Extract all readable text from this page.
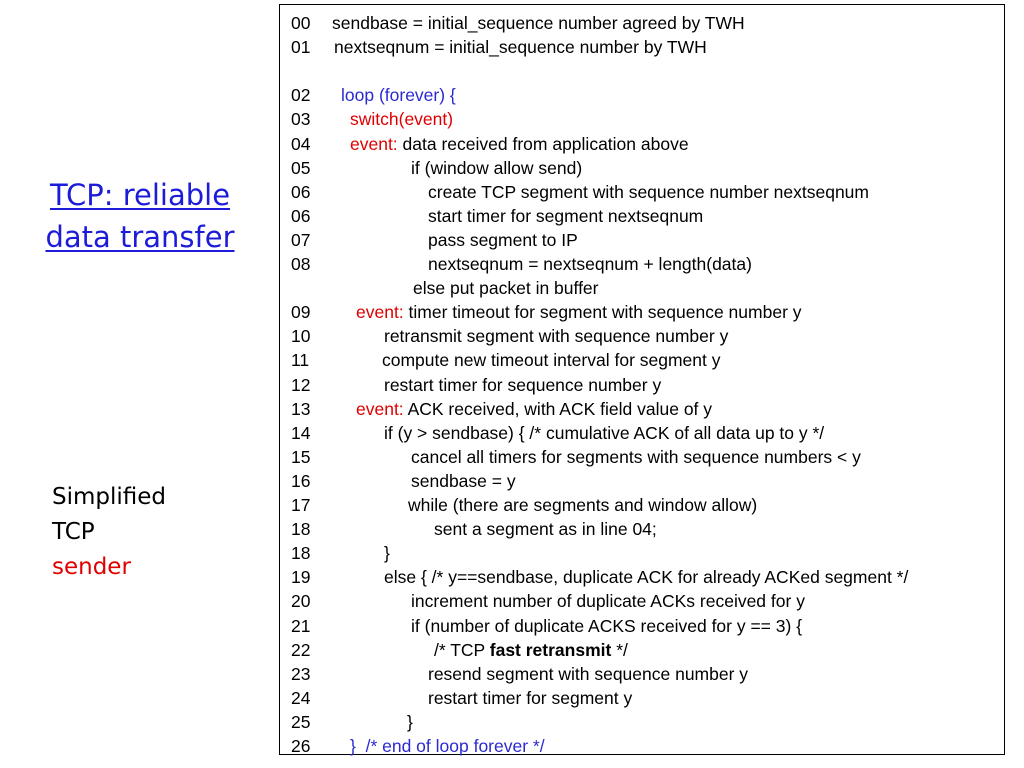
TCP: reliable
data transfer
Simplified
TCP
sender
00 sendbase = initial_sequence number agreed by TWH
01 nextseqnum = initial_sequence number by TWH
02 loop (forever) {
03 switch(event)
04 event: data received from application above
05	if (window allow send)
06	create TCP segment with sequence number nextseqnum
06	start timer for segment nextseqnum
07	pass segment to IP
08	nextseqnum = nextseqnum + length(data)
else put packet in buffer
09	event: timer timeout for segment with sequence number y
10	retransmit segment with sequence number y
11	compute new timeout interval for segment y
12	restart timer for sequence number y
13	event: ACK received, with ACK field value of y
14	if (y > sendbase) { /* cumulative ACK of all data up to y */
15	cancel all timers for segments with sequence numbers < y
16	sendbase = y
17	while (there are segments and window allow)
18	sent a segment as in line 04;
18	}
19	else { /* y==sendbase, duplicate ACK for already ACKed segment */
20	increment number of duplicate ACKs received for y
21	if (number of duplicate ACKS received for y == 3) {
22	/* TCP fast retransmit */
23	resend segment with sequence number y
24	restart timer for segment y
25	}
26 }  /* end of loop forever */
